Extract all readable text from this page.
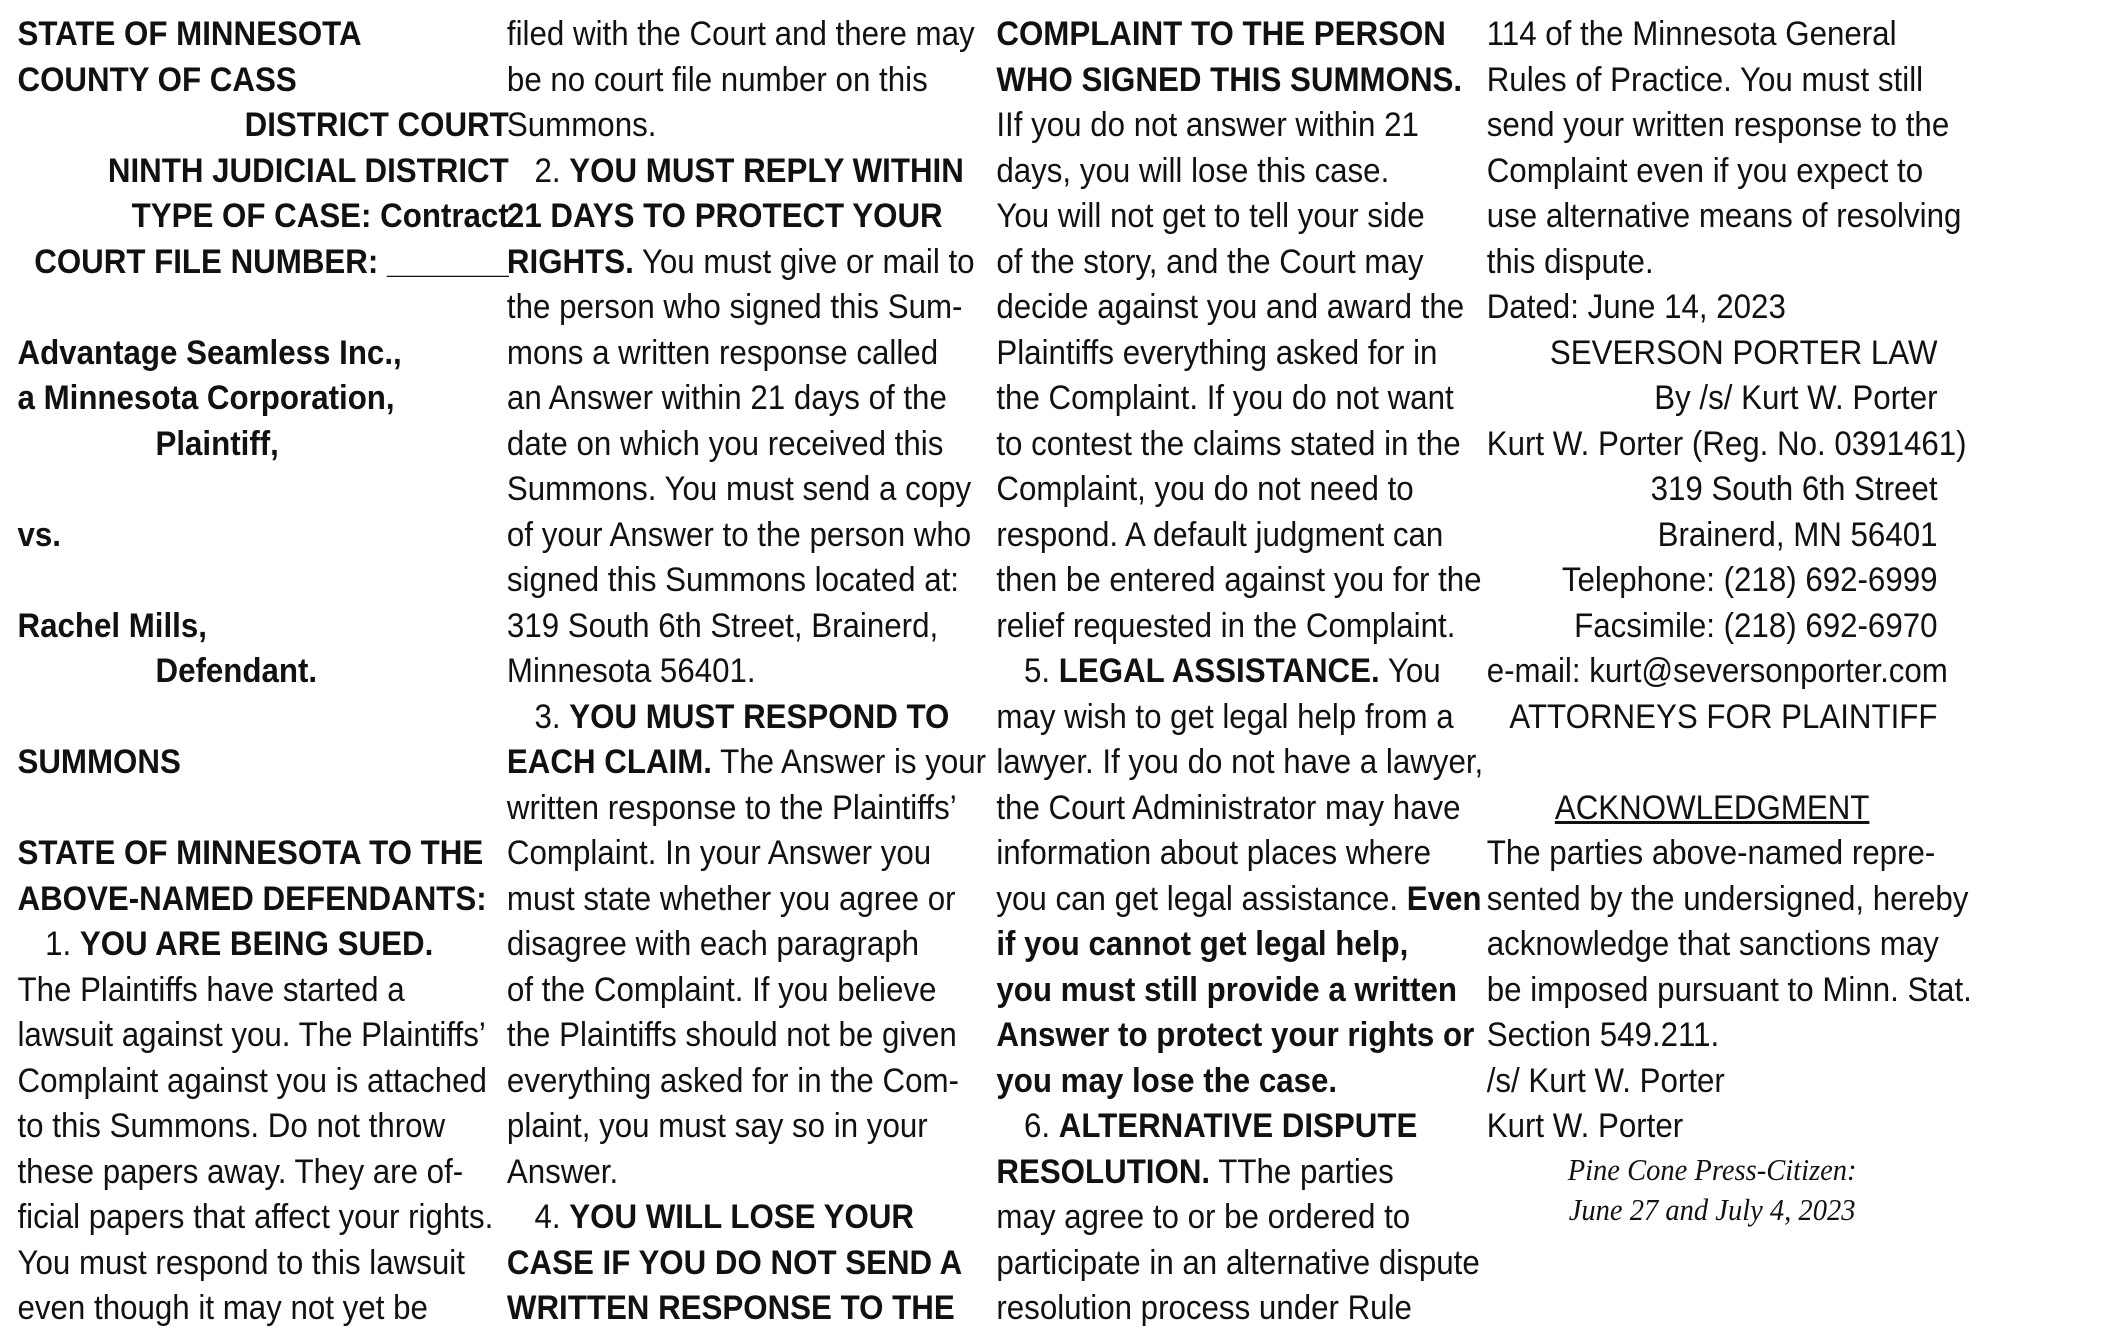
STATE OF MINNESOTA
COUNTY OF CASS
DISTRICT COURT
NINTH JUDICIAL DISTRICT
TYPE OF CASE: Contract
COURT FILE NUMBER: _______
Advantage Seamless Inc.,
a Minnesota Corporation,
Plaintiff,
vs.
Rachel Mills,
Defendant.
SUMMONS
STATE OF MINNESOTA TO THE
ABOVE-NAMED DEFENDANTS:
1. YOU ARE BEING SUED.
The Plaintiffs have started a
lawsuit against you. The Plaintiffs’
Complaint against you is attached
to this Summons. Do not throw
these papers away. They are of-
ficial papers that affect your rights.
You must respond to this lawsuit
even though it may not yet be
filed with the Court and there may
be no court file number on this
Summons.
2. YOU MUST REPLY WITHIN
21 DAYS TO PROTECT YOUR
RIGHTS. You must give or mail to
the person who signed this Sum-
mons a written response called
an Answer within 21 days of the
date on which you received this
Summons. You must send a copy
of your Answer to the person who
signed this Summons located at:
319 South 6th Street, Brainerd,
Minnesota 56401.
3. YOU MUST RESPOND TO
EACH CLAIM. The Answer is your
written response to the Plaintiffs’
Complaint. In your Answer you
must state whether you agree or
disagree with each paragraph
of the Complaint. If you believe
the Plaintiffs should not be given
everything asked for in the Com-
plaint, you must say so in your
Answer.
4. YOU WILL LOSE YOUR
CASE IF YOU DO NOT SEND A
WRITTEN RESPONSE TO THE
COMPLAINT TO THE PERSON
WHO SIGNED THIS SUMMONS.
IIf you do not answer within 21
days, you will lose this case.
You will not get to tell your side
of the story, and the Court may
decide against you and award the
Plaintiffs everything asked for in
the Complaint. If you do not want
to contest the claims stated in the
Complaint, you do not need to
respond. A default judgment can
then be entered against you for the
relief requested in the Complaint.
5. LEGAL ASSISTANCE. You
may wish to get legal help from a
lawyer. If you do not have a lawyer,
the Court Administrator may have
information about places where
you can get legal assistance. Even
if you cannot get legal help,
you must still provide a written
Answer to protect your rights or
you may lose the case.
6. ALTERNATIVE DISPUTE
RESOLUTION. TThe parties
may agree to or be ordered to
participate in an alternative dispute
resolution process under Rule
114 of the Minnesota General
Rules of Practice. You must still
send your written response to the
Complaint even if you expect to
use alternative means of resolving
this dispute.
Dated: June 14, 2023
SEVERSON PORTER LAW
By /s/ Kurt W. Porter
Kurt W. Porter (Reg. No. 0391461)
319 South 6th Street
Brainerd, MN 56401
Telephone: (218) 692-6999
Facsimile: (218) 692-6970
e-mail: kurt@seversonporter.com
ATTORNEYS FOR PLAINTIFF
ACKNOWLEDGMENT
The parties above-named repre-
sented by the undersigned, hereby
acknowledge that sanctions may
be imposed pursuant to Minn. Stat.
Section 549.211.
/s/ Kurt W. Porter
Kurt W. Porter
Pine Cone Press-Citizen:
June 27 and July 4, 2023
